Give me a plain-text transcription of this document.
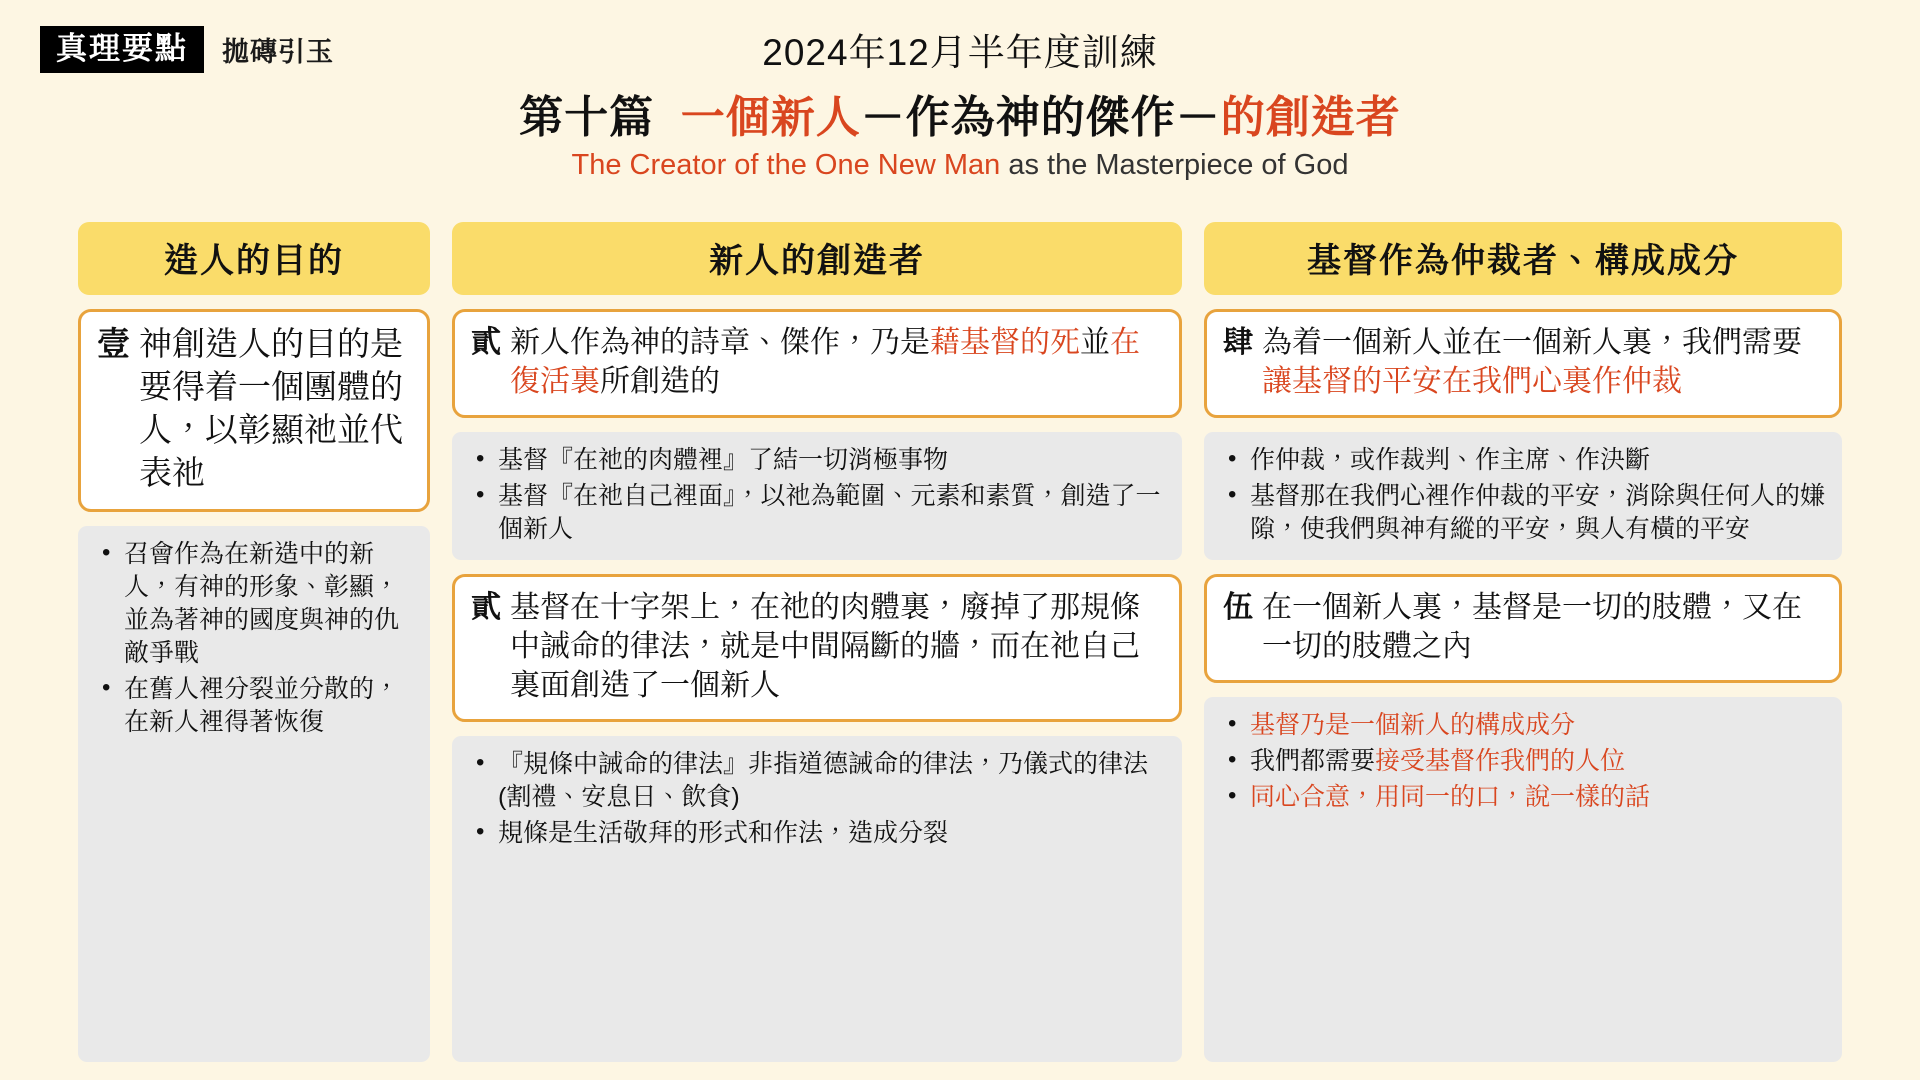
真理要點	拋磚引玉	2024年12月半年度訓練
第十篇 一個新人－作為神的傑作－的創造者
The Creator of the One New Man as the Masterpiece of God
造人的目的
壹 神創造人的目的是要得着一個團體的人，以彰顯祂並代表祂
• 召會作為在新造中的新人，有神的形象、彰顯，並為著神的國度與神的仇敵爭戰
• 在舊人裡分裂並分散的，在新人裡得著恢復
新人的創造者
貳 新人作為神的詩章、傑作，乃是藉基督的死並在復活裏所創造的
• 基督『在祂的肉體裡』了結一切消極事物
• 基督『在祂自己裡面』，以祂為範圍、元素和素質，創造了一個新人
貳 基督在十字架上，在祂的肉體裏，廢掉了那規條中誡命的律法，就是中間隔斷的牆，而在祂自己裏面創造了一個新人
• 『規條中誡命的律法』非指道德誡命的律法，乃儀式的律法(割禮、安息日、飲食)
• 規條是生活敬拜的形式和作法，造成分裂
基督作為仲裁者、構成成分
肆 為着一個新人並在一個新人裏，我們需要讓基督的平安在我們心裏作仲裁
• 作仲裁，或作裁判、作主席、作決斷
• 基督那在我們心裡作仲裁的平安，消除與任何人的嫌隙，使我們與神有縱的平安，與人有橫的平安
伍 在一個新人裏，基督是一切的肢體，又在一切的肢體之內
• 基督乃是一個新人的構成成分
• 我們都需要接受基督作我們的人位
• 同心合意，用同一的口，說一樣的話
